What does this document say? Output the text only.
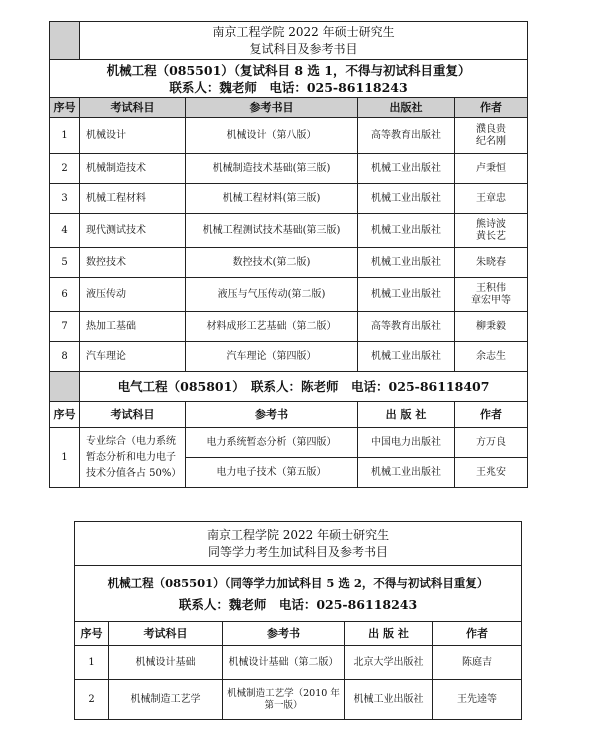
	南京工程学院 2022 年硕士研究生
复试科目及参考书目			

机械工程（085501）（复试科目 8 选 1，不得与初试科目重复）
联系人：魏老师　电话：025-86118243				

序号	考试科目	参考书目	出版社	作者
1	机械设计	机械设计（第八版）	高等教育出版社	濮良贵
纪名刚
2	机械制造技术	机械制造技术基础(第三版)	机械工业出版社	卢秉恒
3	机械工程材料	机械工程材料(第三版)	机械工业出版社	王章忠
4	现代测试技术	机械工程测试技术基础(第三版)	机械工业出版社	熊诗波
黄长艺
5	数控技术	数控技术(第二版)	机械工业出版社	朱晓春
6	液压传动	液压与气压传动(第二版)	机械工业出版社	王积伟
章宏甲等
7	热加工基础	材料成形工艺基础（第二版）	高等教育出版社	柳秉毅
8	汽车理论	汽车理论（第四版）	机械工业出版社	余志生
	电气工程（085801）　联系人：陈老师　电话：025-86118407			
序号	考试科目	参考书	出 版 社	作者
1	专业综合（电力系统
暂态分析和电力电子
技术分值各占 50%）	电力系统暂态分析（第四版）	中国电力出版社	方万良
		电力电子技术（第五版）	机械工业出版社	王兆安
南京工程学院 2022 年硕士研究生
同等学力考生加试科目及参考书目				

机械工程（085501）（同等学力加试科目 5 选 2，不得与初试科目重复）
联系人：魏老师　电话：025-86118243				

序号	考试科目	参考书	出 版 社	作者
1	机械设计基础	机械设计基础（第二版）	北京大学出版社	陈庭吉
2	机械制造工艺学	机械制造工艺学（2010 年第一版）	机械工业出版社	王先逵等
